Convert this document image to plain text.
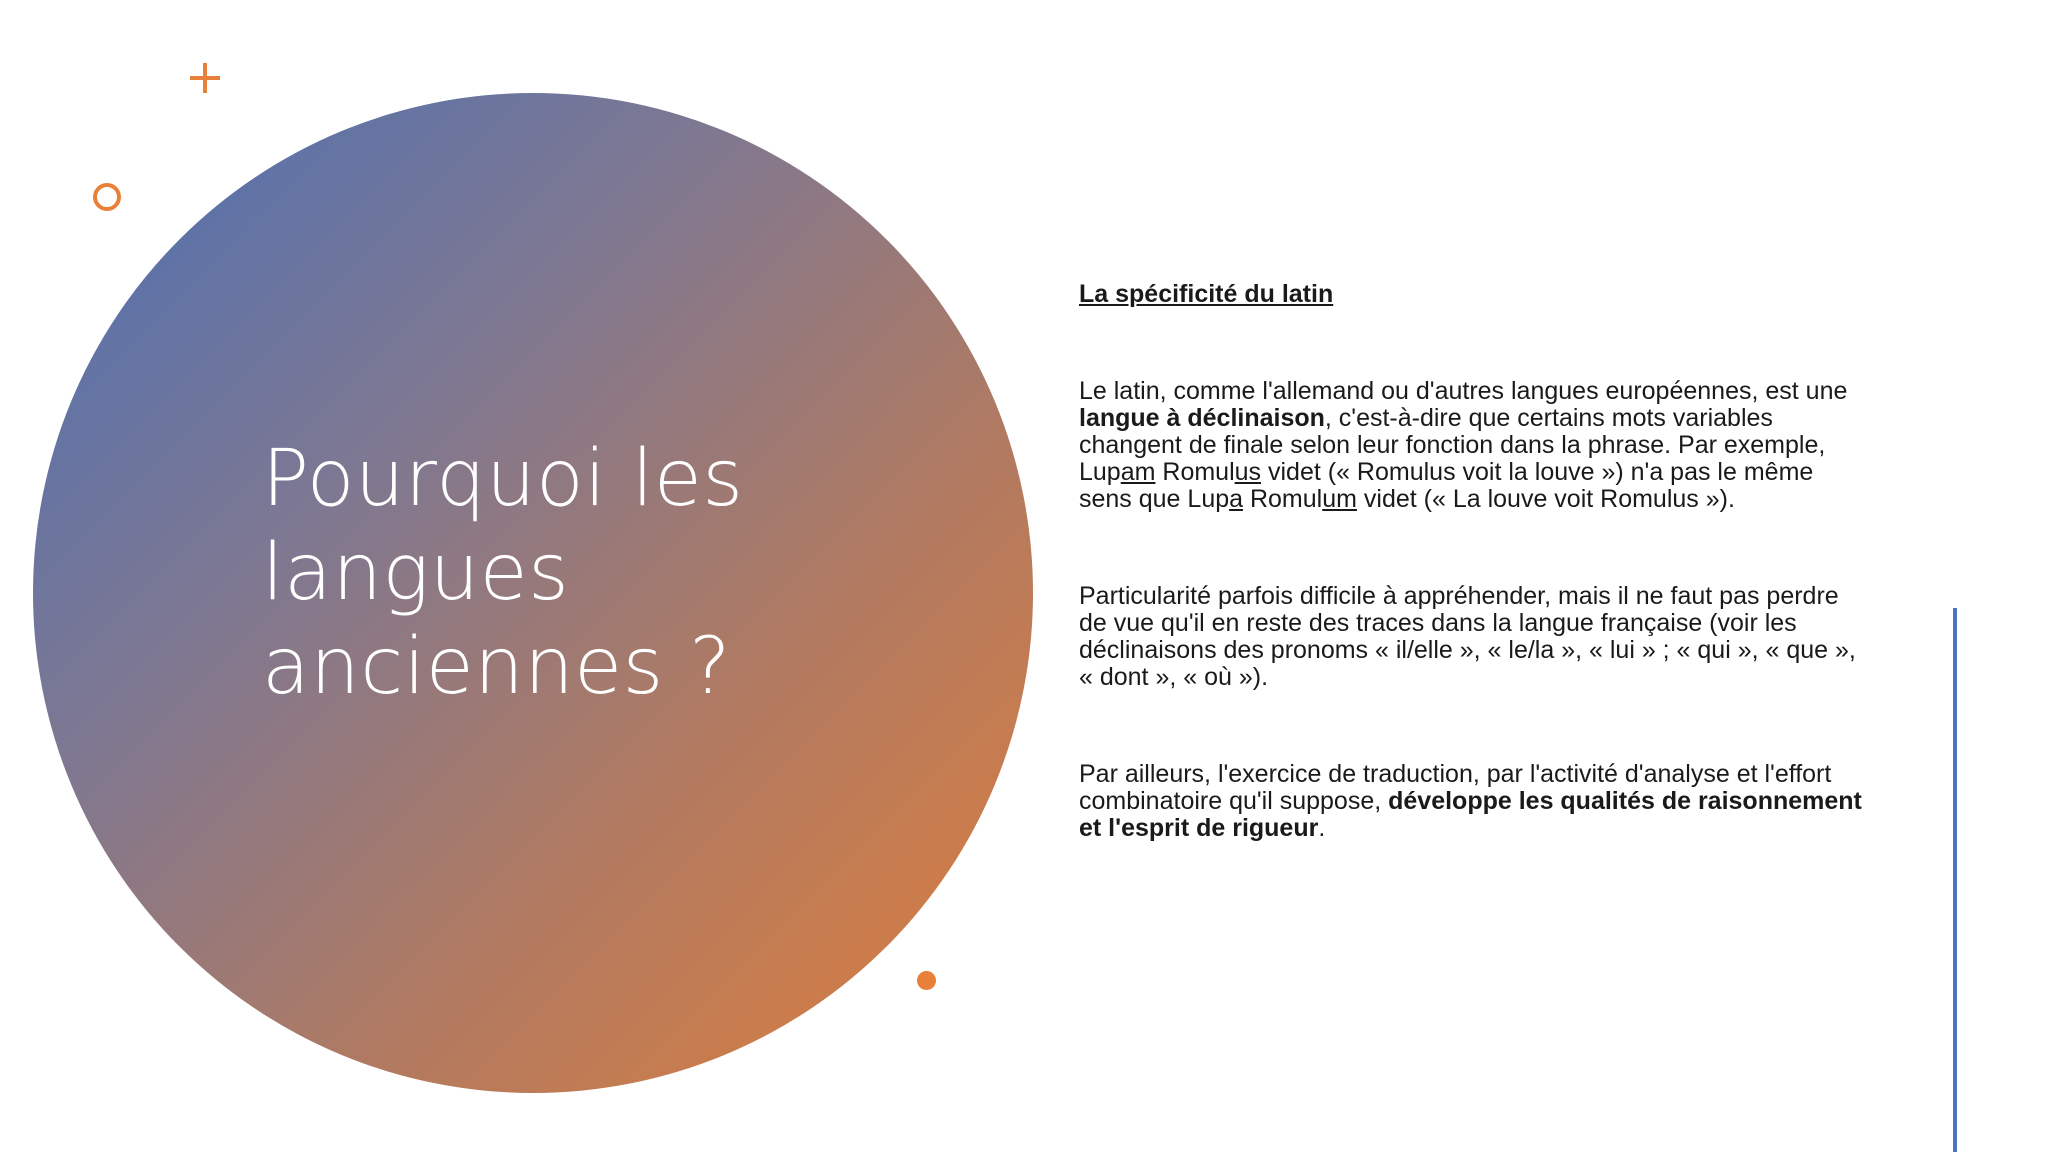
Pourquoi les langues anciennes ?

La spécificité du latin

Le latin, comme l'allemand ou d'autres langues européennes, est une langue à déclinaison, c'est-à-dire que certains mots variables changent de finale selon leur fonction dans la phrase. Par exemple, Lupam Romulus videt (« Romulus voit la louve ») n'a pas le même sens que Lupa Romulum videt (« La louve voit Romulus »).

Particularité parfois difficile à appréhender, mais il ne faut pas perdre de vue qu'il en reste des traces dans la langue française (voir les déclinaisons des pronoms « il/elle », « le/la », « lui » ; « qui », « que », « dont », « où »).

Par ailleurs, l'exercice de traduction, par l'activité d'analyse et l'effort combinatoire qu'il suppose, développe les qualités de raisonnement et l'esprit de rigueur.
